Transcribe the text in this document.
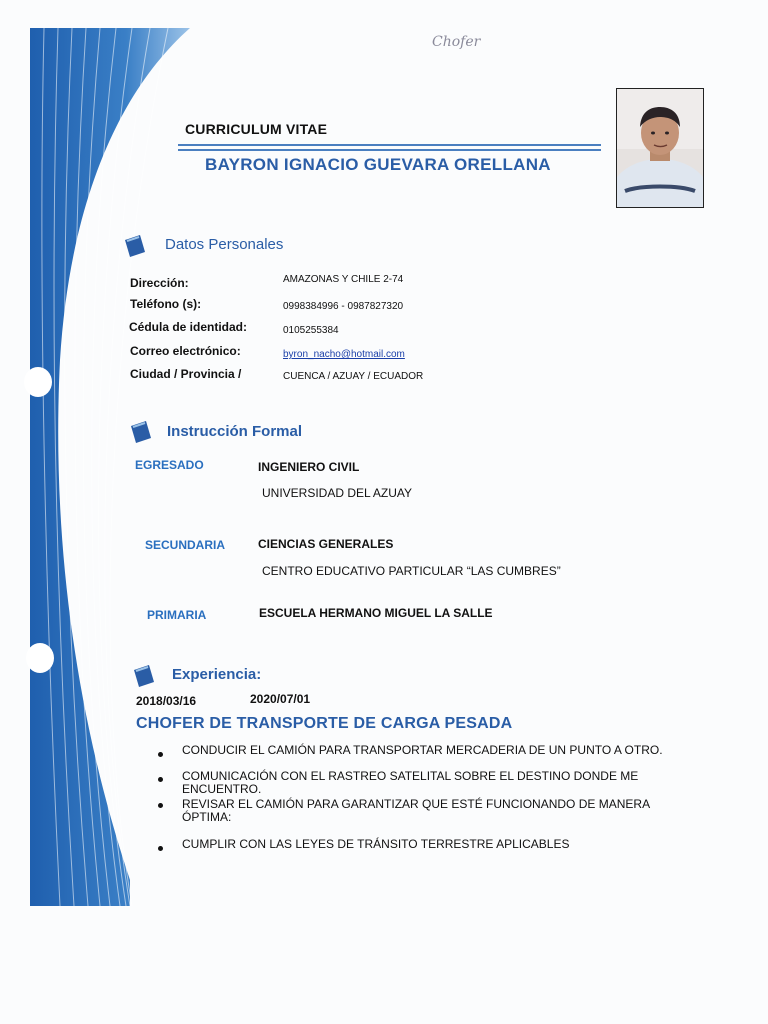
Chofer
CURRICULUM VITAE
BAYRON IGNACIO GUEVARA ORELLANA
Datos Personales
Dirección:	AMAZONAS Y CHILE 2-74
Teléfono (s):	0998384996 - 0987827320
Cédula de identidad:	0105255384
Correo electrónico:	byron_nacho@hotmail.com
Ciudad / Provincia /	CUENCA / AZUAY / ECUADOR
Instrucción Formal
EGRESADO	INGENIERO CIVIL
UNIVERSIDAD DEL AZUAY
SECUNDARIA	CIENCIAS GENERALES
CENTRO EDUCATIVO PARTICULAR “LAS CUMBRES”
PRIMARIA	ESCUELA HERMANO MIGUEL LA SALLE
Experiencia:
2018/03/16	2020/07/01
CHOFER DE TRANSPORTE DE CARGA PESADA
CONDUCIR EL CAMIÓN PARA TRANSPORTAR MERCADERIA DE UN PUNTO A OTRO.
COMUNICACIÓN CON EL RASTREO SATELITAL SOBRE EL DESTINO DONDE ME ENCUENTRO.
REVISAR EL CAMIÓN PARA GARANTIZAR QUE ESTÉ FUNCIONANDO DE MANERA ÓPTIMA:
CUMPLIR CON LAS LEYES DE TRÁNSITO TERRESTRE APLICABLES
